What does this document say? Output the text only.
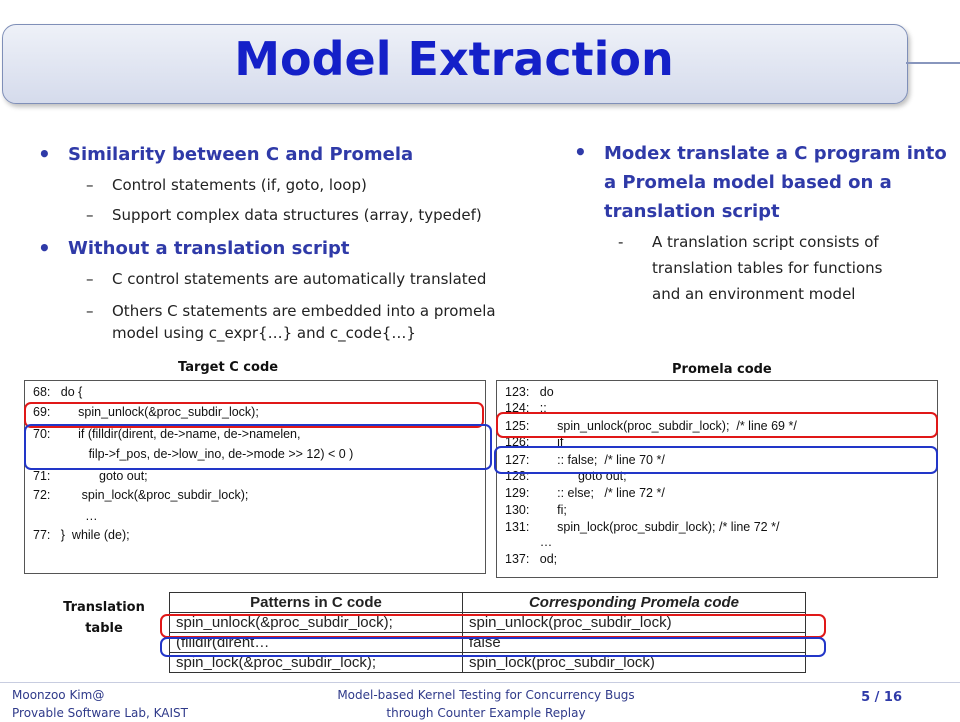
Model Extraction
• Similarity between C and Promela
– Control statements (if, goto, loop)
– Support complex data structures (array, typedef)
• Without a translation script
– C control statements are automatically translated
– Others C statements are embedded into a promela
model using c_expr{…} and c_code{…}
• Modex translate a C program into
a Promela model based on a
translation script
- A translation script consists of
translation tables for functions
and an environment model
Target C code	Promela code
68:   do {
69:        spin_unlock(&proc_subdir_lock);
70:        if (filldir(dirent, de->name, de->namelen,
filp->f_pos, de->low_ino, de->mode >> 12) < 0 )
71:              goto out;
72:         spin_lock(&proc_subdir_lock);
…
77:   }  while (de);
123:   do
124:   ::
125:        spin_unlock(proc_subdir_lock);  /* line 69 */
126:        if
127:        :: false;  /* line 70 */
128:              goto out;
129:        :: else;   /* line 72 */
130:        fi;
131:        spin_lock(proc_subdir_lock); /* line 72 */
…
137:   od;
Translation
table
Patterns in C code	Corresponding Promela code
spin_unlock(&proc_subdir_lock);	spin_unlock(proc_subdir_lock)
(filldir(dirent…	false
spin_lock(&proc_subdir_lock);	spin_lock(proc_subdir_lock)
Moonzoo Kim@
Provable Software Lab, KAIST
Model-based Kernel Testing for Concurrency Bugs
through Counter Example Replay
5 / 16
